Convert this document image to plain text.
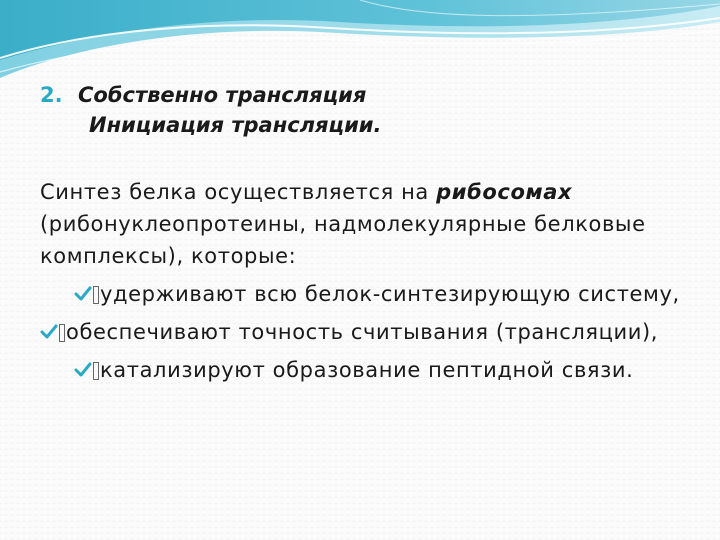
2. Собственно трансляция
Инициация трансляции.
Синтез белка осуществляется на рибосомах (рибонуклеопротеины, надмолекулярные белковые комплексы), которые:
удерживают всю белок-синтезирующую системy,
обеспечивают точность считывания (трансляции),
катализируют образование пептидной связи.
